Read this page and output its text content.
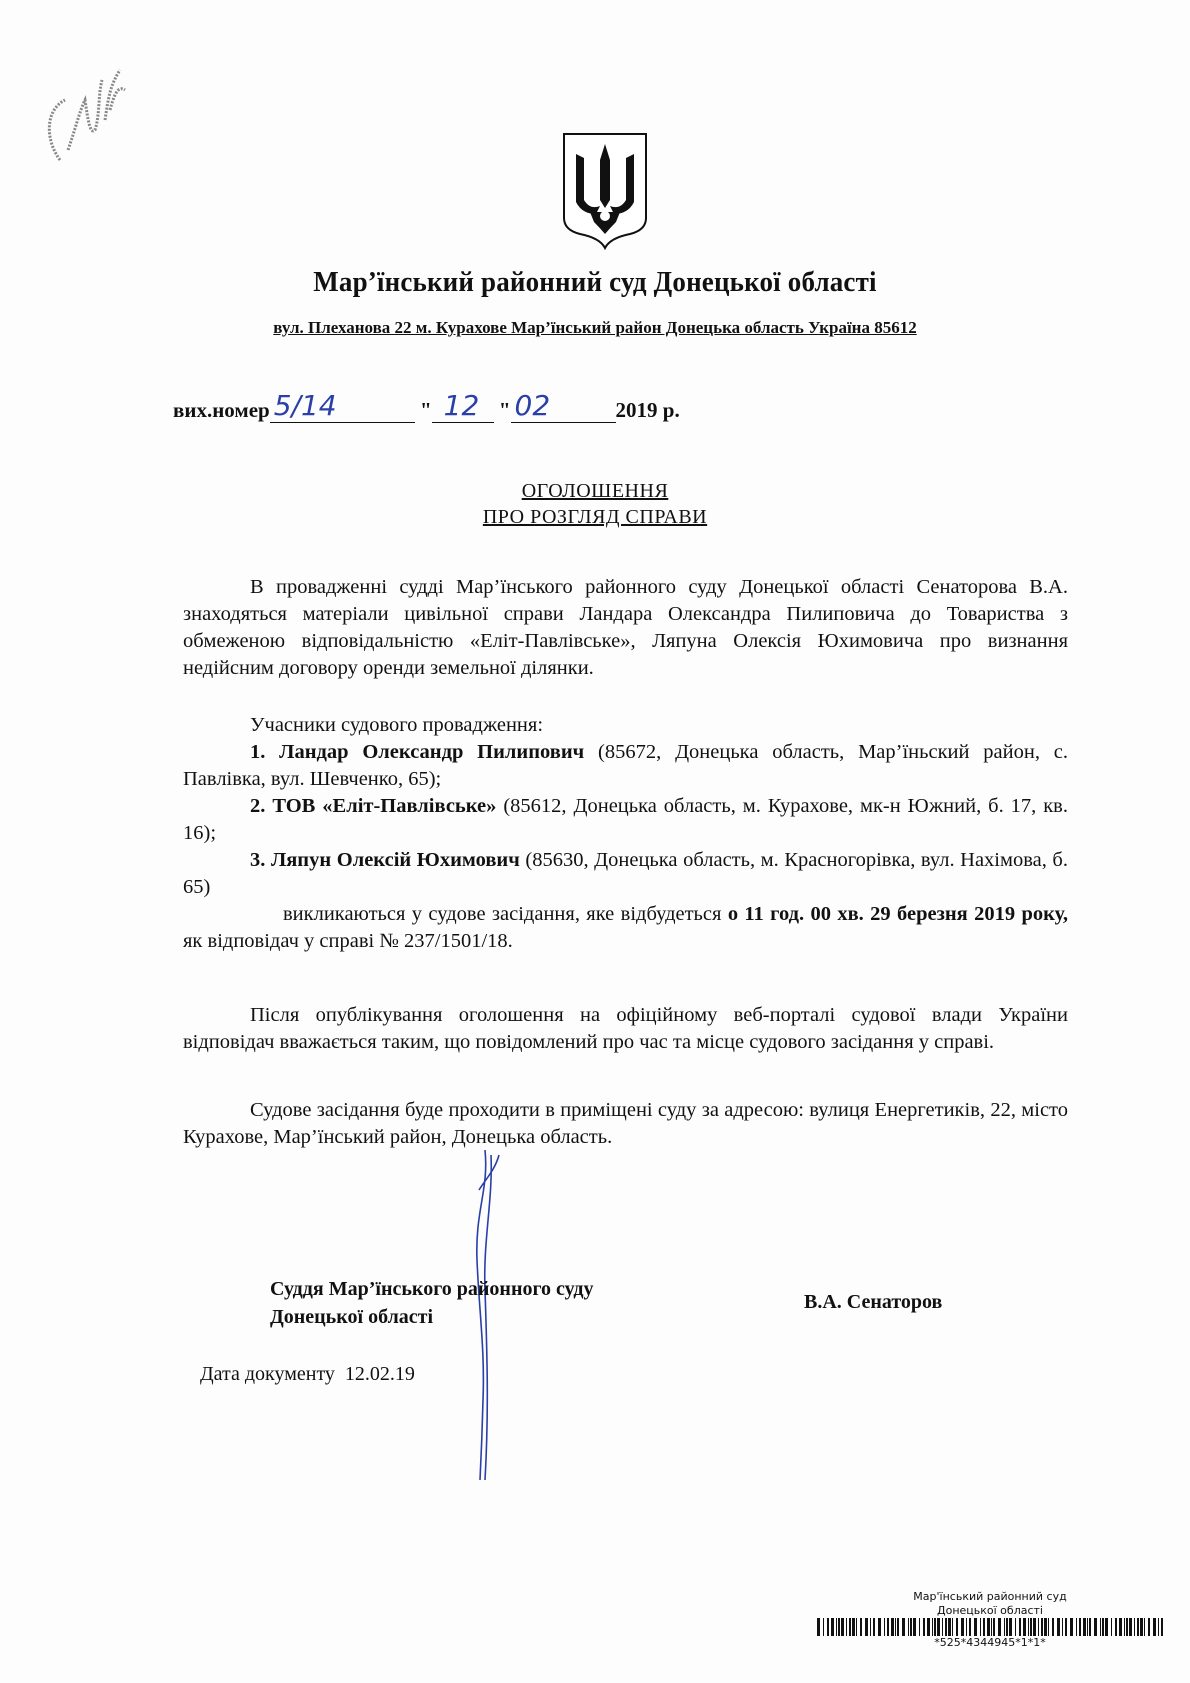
Мар’їнський районний суд Донецької області
вул. Плеханова 22 м. Курахове Мар’їнський район Донецька область Україна 85612
вих.номер 5/14	" 12 " 02	2019 р.
ОГОЛОШЕННЯ
ПРО РОЗГЛЯД СПРАВИ
В провадженні судді Мар’їнського районного суду Донецької області Сенаторова В.А. знаходяться матеріали цивільної справи Ландара Олександра Пилиповича до Товариства з обмеженою відповідальністю «Еліт-Павлівське», Ляпуна Олексія Юхимовича про визнання недійсним договору оренди земельної ділянки.
Учасники судового провадження:
1. Ландар Олександр Пилипович (85672, Донецька область, Мар’їньский район, с. Павлівка, вул. Шевченко, 65);
2. ТОВ «Еліт-Павлівське» (85612, Донецька область, м. Курахове, мк-н Южний, б. 17, кв. 16);
3. Ляпун Олексій Юхимович (85630, Донецька область, м. Красногорівка, вул. Нахімова, б. 65)
викликаються у судове засідання, яке відбудеться о 11 год. 00 хв. 29 березня 2019 року, як відповідач у справі № 237/1501/18.
Після опублікування оголошення на офіційному веб-порталі судової влади України відповідач вважається таким, що повідомлений про час та місце судового засідання у справі.
Судове засідання буде проходити в приміщені суду за адресою: вулиця Енергетиків, 22, місто Курахове, Мар’їнський район, Донецька область.
Суддя Мар’їнського районного суду
Донецької області
В.А. Сенаторов
Дата документу 12.02.19
Мар'їнський районний суд
Донецької області
*525*4344945*1*1*
